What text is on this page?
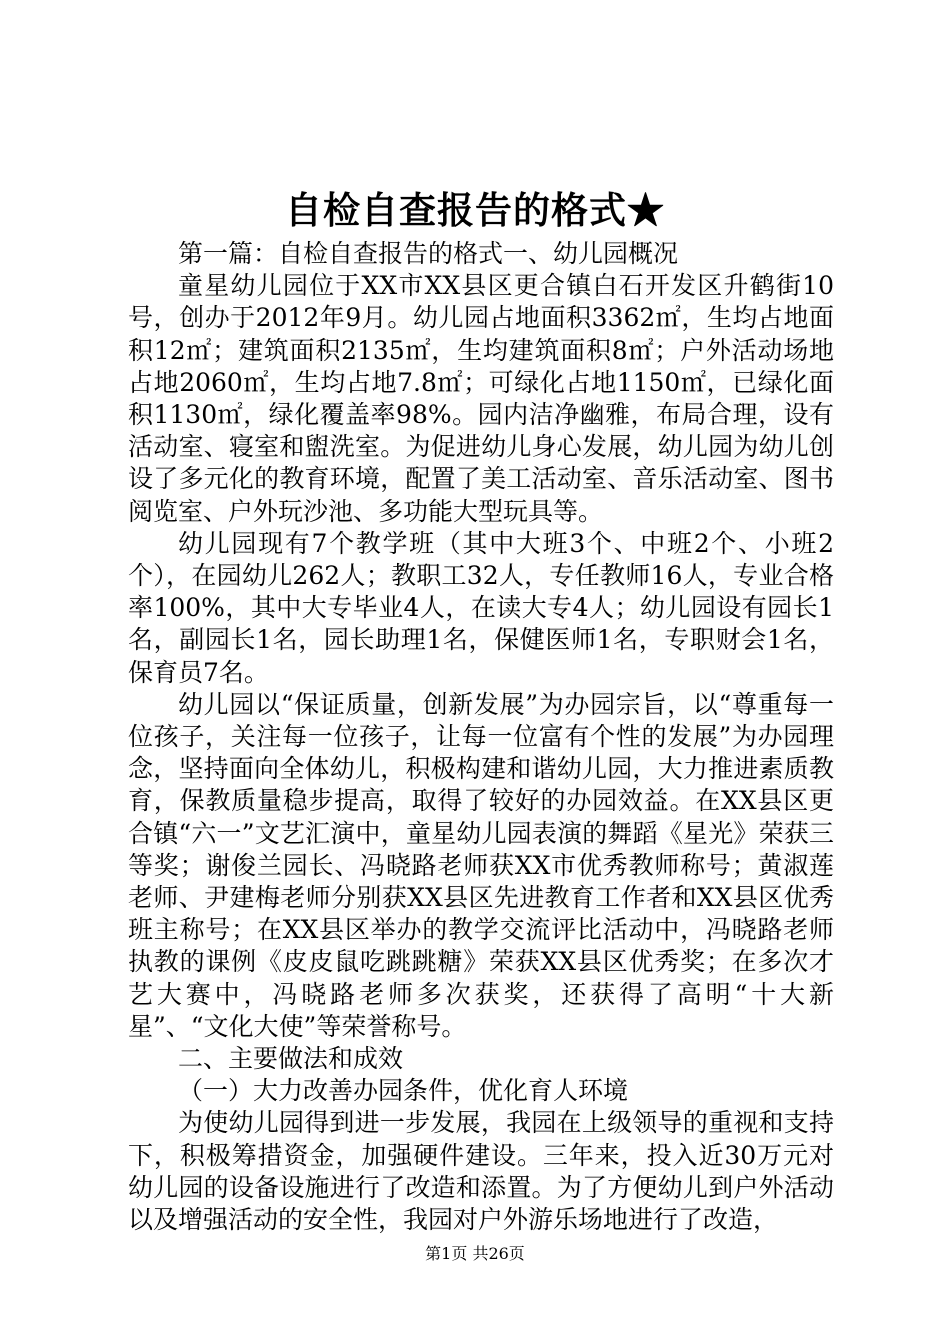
自检自查报告的格式★

第一篇：自检自查报告的格式一、幼儿园概况

童星幼儿园位于XX市XX县区更合镇白石开发区升鹤街10号，创办于2012年9月。幼儿园占地面积3362㎡，生均占地面积12㎡；建筑面积2135㎡，生均建筑面积8㎡；户外活动场地占地2060㎡，生均占地7.8㎡；可绿化占地1150㎡，已绿化面积1130㎡，绿化覆盖率98%。园内洁净幽雅，布局合理，设有活动室、寝室和盥洗室。为促进幼儿身心发展，幼儿园为幼儿创设了多元化的教育环境，配置了美工活动室、音乐活动室、图书阅览室、户外玩沙池、多功能大型玩具等。

幼儿园现有7个教学班（其中大班3个、中班2个、小班2个），在园幼儿262人；教职工32人，专任教师16人，专业合格率100%，其中大专毕业4人，在读大专4人；幼儿园设有园长1名，副园长1名，园长助理1名，保健医师1名，专职财会1名，保育员7名。

幼儿园以“保证质量，创新发展”为办园宗旨，以“尊重每一位孩子，关注每一位孩子，让每一位富有个性的发展”为办园理念，坚持面向全体幼儿，积极构建和谐幼儿园，大力推进素质教育，保教质量稳步提高，取得了较好的办园效益。在XX县区更合镇“六一”文艺汇演中，童星幼儿园表演的舞蹈《星光》荣获三等奖；谢俊兰园长、冯晓路老师获XX市优秀教师称号；黄淑莲老师、尹建梅老师分别获XX县区先进教育工作者和XX县区优秀班主称号；在XX县区举办的教学交流评比活动中，冯晓路老师执教的课例《皮皮鼠吃跳跳糖》荣获XX县区优秀奖；在多次才艺大赛中，冯晓路老师多次获奖，还获得了高明“十大新星”、“文化大使”等荣誉称号。

二、主要做法和成效

（一）大力改善办园条件，优化育人环境

为使幼儿园得到进一步发展，我园在上级领导的重视和支持下，积极筹措资金，加强硬件建设。三年来，投入近30万元对幼儿园的设备设施进行了改造和添置。为了方便幼儿到户外活动以及增强活动的安全性，我园对户外游乐场地进行了改造，

第1页 共26页
